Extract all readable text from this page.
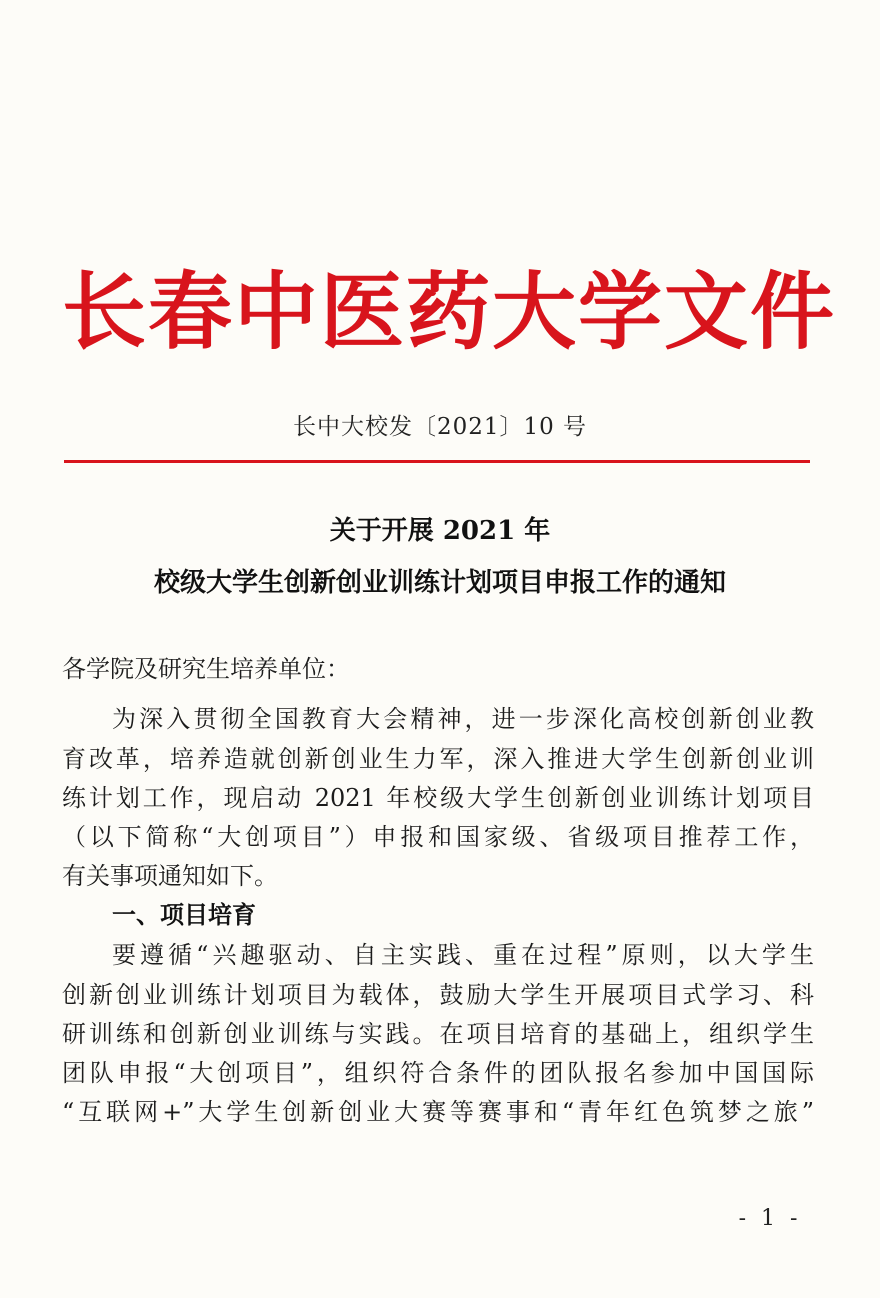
长春中医药大学文件
长中大校发〔2021〕10 号
关于开展 2021 年
校级大学生创新创业训练计划项目申报工作的通知
各学院及研究生培养单位：
为深入贯彻全国教育大会精神，进一步深化高校创新创业教
育改革，培养造就创新创业生力军，深入推进大学生创新创业训
练计划工作，现启动 2021 年校级大学生创新创业训练计划项目
（以下简称“大创项目”）申报和国家级、省级项目推荐工作，
有关事项通知如下。
一、项目培育
要遵循“兴趣驱动、自主实践、重在过程”原则，以大学生
创新创业训练计划项目为载体，鼓励大学生开展项目式学习、科
研训练和创新创业训练与实践。在项目培育的基础上，组织学生
团队申报“大创项目”，组织符合条件的团队报名参加中国国际
“互联网+”大学生创新创业大赛等赛事和“青年红色筑梦之旅”
- 1 -
